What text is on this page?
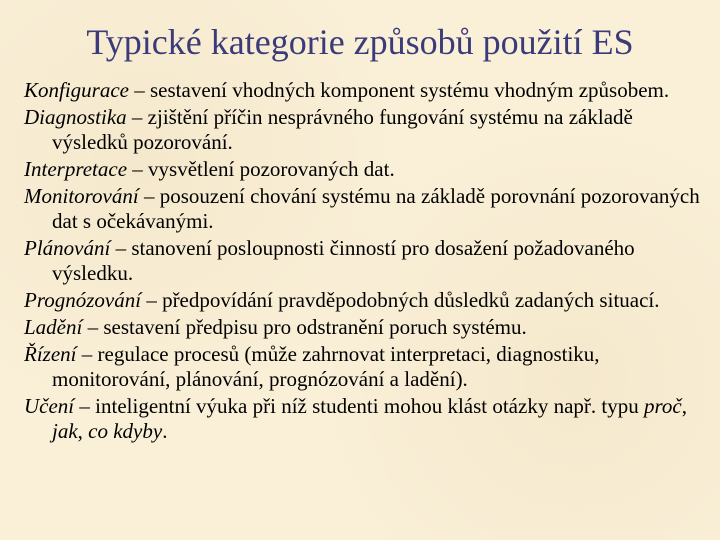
Typické kategorie způsobů použití ES
Konfigurace – sestavení vhodných komponent systému vhodným způsobem.
Diagnostika – zjištění příčin nesprávného fungování systému na základě výsledků pozorování.
Interpretace – vysvětlení pozorovaných dat.
Monitorování – posouzení chování systému na základě porovnání pozorovaných dat s očekávanými.
Plánování – stanovení posloupnosti činností pro dosažení požadovaného výsledku.
Prognózování – předpovídání pravděpodobných důsledků zadaných situací.
Ladění – sestavení předpisu pro odstranění poruch systému.
Řízení – regulace procesů (může zahrnovat interpretaci, diagnostiku, monitorování, plánování, prognózování a ladění).
Učení – inteligentní výuka při níž studenti mohou klást otázky např. typu proč, jak, co kdyby.
